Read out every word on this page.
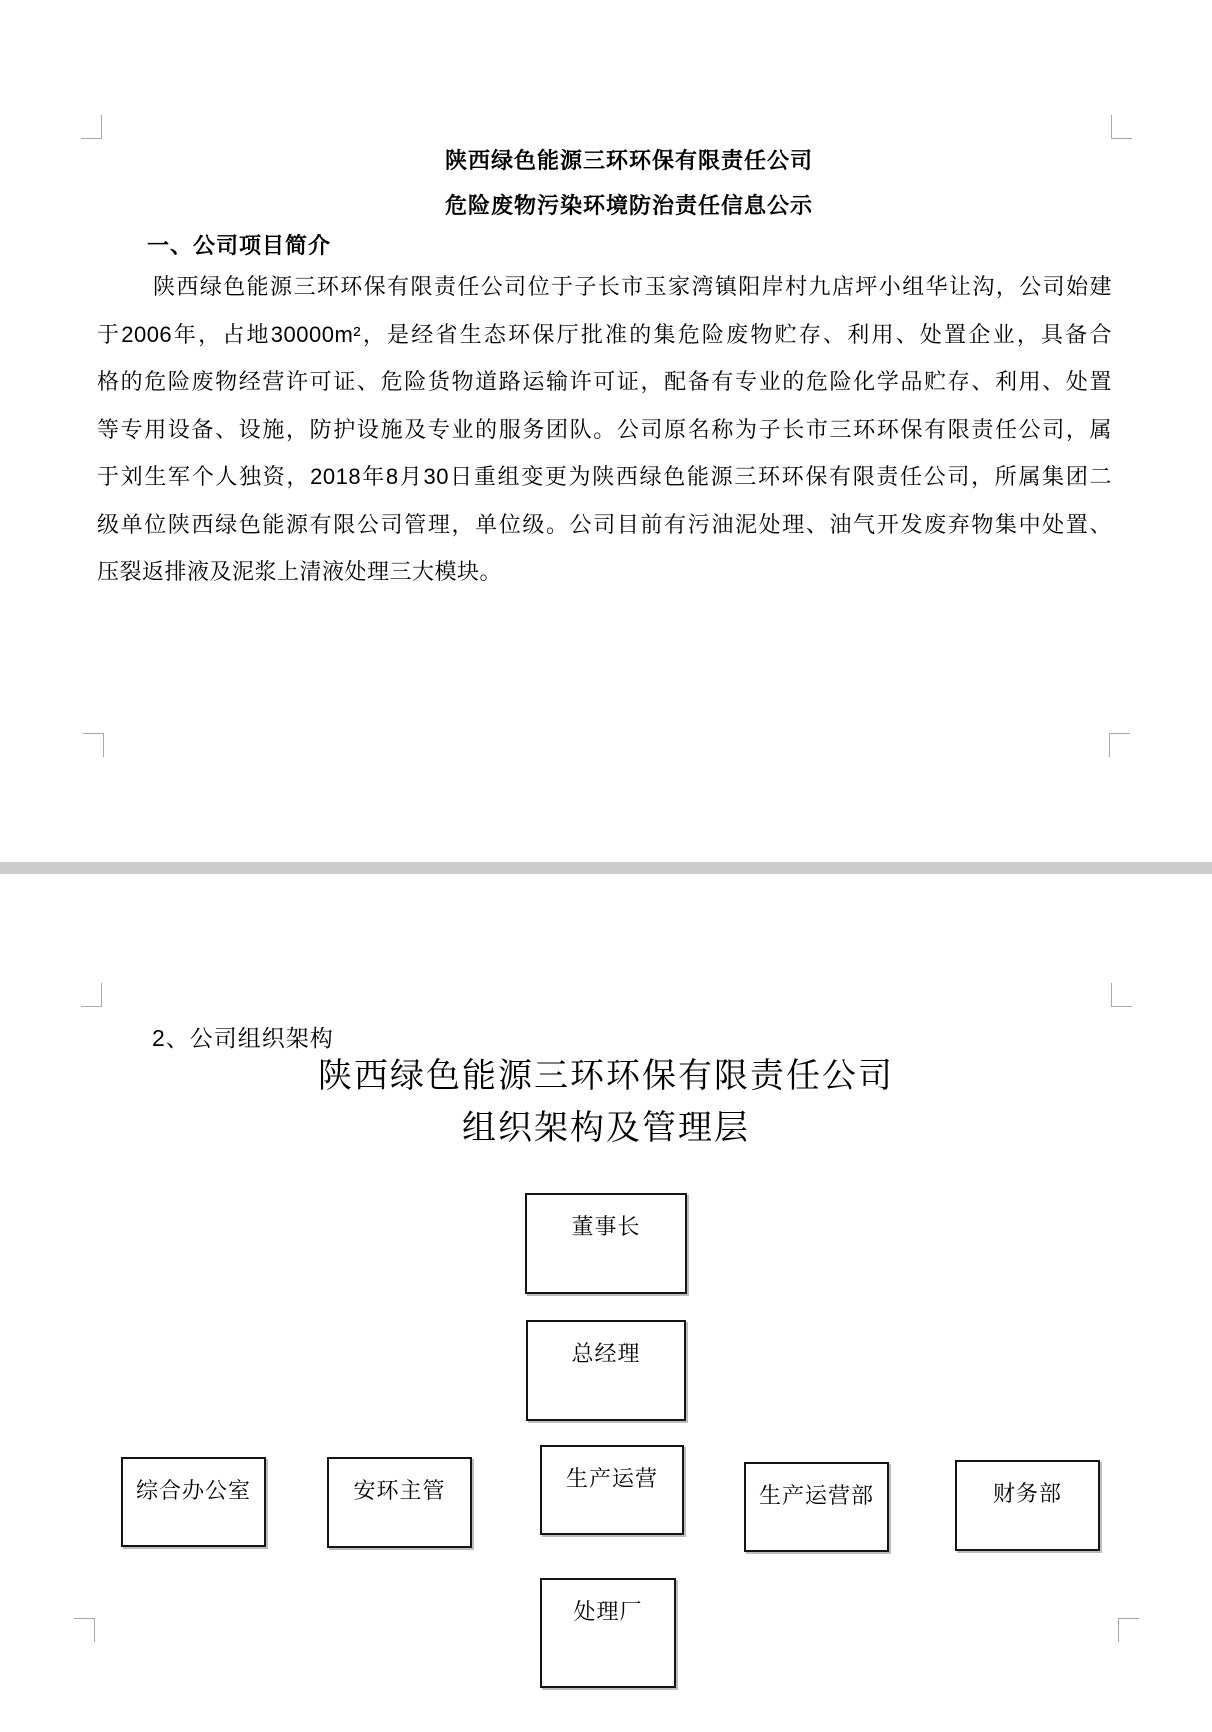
陕西绿色能源三环环保有限责任公司
危险废物污染环境防治责任信息公示
一、公司项目简介
陕西绿色能源三环环保有限责任公司位于子长市玉家湾镇阳岸村九店坪小组华让沟，公司始建
于2006年，占地30000m²，是经省生态环保厅批准的集危险废物贮存、利用、处置企业，具备合
格的危险废物经营许可证、危险货物道路运输许可证，配备有专业的危险化学品贮存、利用、处置
等专用设备、设施，防护设施及专业的服务团队。公司原名称为子长市三环环保有限责任公司，属
于刘生军个人独资，2018年8月30日重组变更为陕西绿色能源三环环保有限责任公司，所属集团二
级单位陕西绿色能源有限公司管理，单位级。公司目前有污油泥处理、油气开发废弃物集中处置、
压裂返排液及泥浆上清液处理三大模块。
2、公司组织架构
陕西绿色能源三环环保有限责任公司
组织架构及管理层
董事长
总经理
生产运营
综合办公室	安环主管	生产运营部	财务部
处理厂
